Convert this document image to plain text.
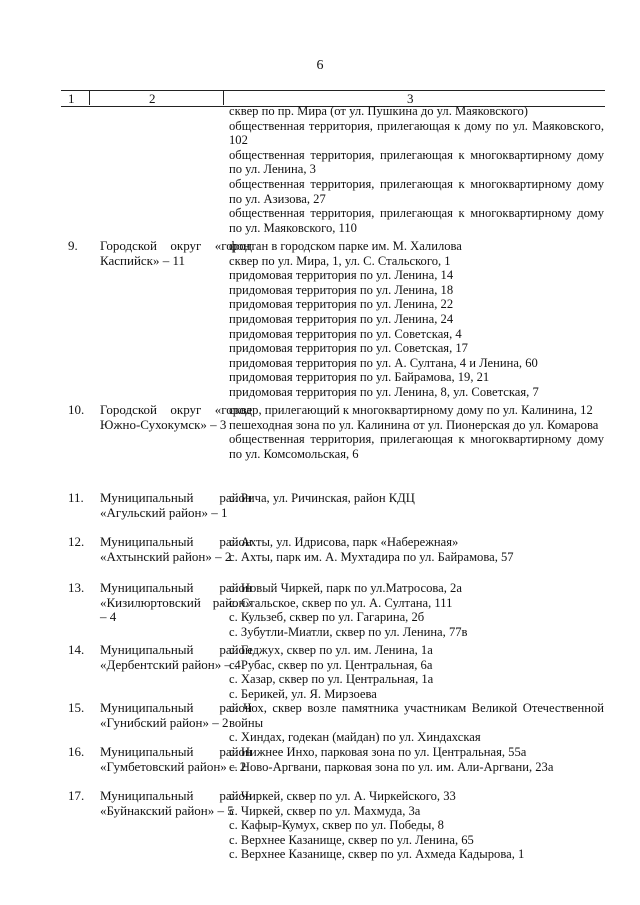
6
1	2	3
сквер по пр. Мира (от ул. Пушкина до ул. Маяковского)
общественная территория, прилегающая к дому по ул. Маяковского, 102
общественная территория, прилегающая к многоквартирному дому по ул. Ленина, 3
общественная территория, прилегающая к многоквартирному дому по ул. Азизова, 27
общественная территория, прилегающая к многоквартирному дому по ул. Маяковского, 110
9. Городской округ «город Каспийск» – 11
фонтан в городском парке им. М. Халилова
сквер по ул. Мира, 1, ул. С. Стальского, 1
придомовая территория по ул. Ленина, 14
придомовая территория по ул. Ленина, 18
придомовая территория по ул. Ленина, 22
придомовая территория по ул. Ленина, 24
придомовая территория по ул. Советская, 4
придомовая территория по ул. Советская, 17
придомовая территория по ул. А. Султана, 4 и Ленина, 60
придомовая территория по ул. Байрамова, 19, 21
придомовая территория по ул. Ленина, 8, ул. Советская, 7
10. Городской округ «город Южно-Сухокумск» – 3
сквер, прилегающий к многоквартирному дому по ул. Калинина, 12
пешеходная зона по ул. Калинина от ул. Пионерская до ул. Комарова
общественная территория, прилегающая к многоквартирному дому по ул. Комсомольская, 6
11. Муниципальный район «Агульский район» – 1
с. Рича, ул. Ричинская, район КДЦ
12. Муниципальный район «Ахтынский район» – 2
с. Ахты, ул. Идрисова, парк «Набережная»
с. Ахты, парк им. А. Мухтадира по ул. Байрамова, 57
13. Муниципальный район «Кизилюртовский район» – 4
с. Новый Чиркей, парк по ул.Матросова, 2а
с. Стальское, сквер по ул. А. Султана, 111
с. Кульзеб, сквер по ул. Гагарина, 2б
с. Зубутли-Миатли, сквер по ул. Ленина, 77в
14. Муниципальный район «Дербентский район» – 4
с. Геджух, сквер по ул. им. Ленина, 1а
с. Рубас, сквер по ул. Центральная, 6а
с. Хазар, сквер по ул. Центральная, 1а
с. Берикей, ул. Я. Мирзоева
15. Муниципальный район «Гунибский район» – 2
с. Чох, сквер возле памятника участникам Великой Отечественной войны
с. Хиндах, годекан (майдан) по ул. Хиндахская
16. Муниципальный район «Гумбетовский район» – 2
с. Нижнее Инхо, парковая зона по ул. Центральная, 55а
с. Ново-Аргвани, парковая зона по ул. им. Али-Аргвани, 23а
17. Муниципальный район «Буйнакский район» – 5
с. Чиркей, сквер по ул. А. Чиркейского, 33
с. Чиркей, сквер по ул. Махмуда, 3а
с. Кафыр-Кумух, сквер по ул. Победы, 8
с. Верхнее Казанище, сквер по ул. Ленина, 65
с. Верхнее Казанище, сквер по ул. Ахмеда Кадырова, 1
